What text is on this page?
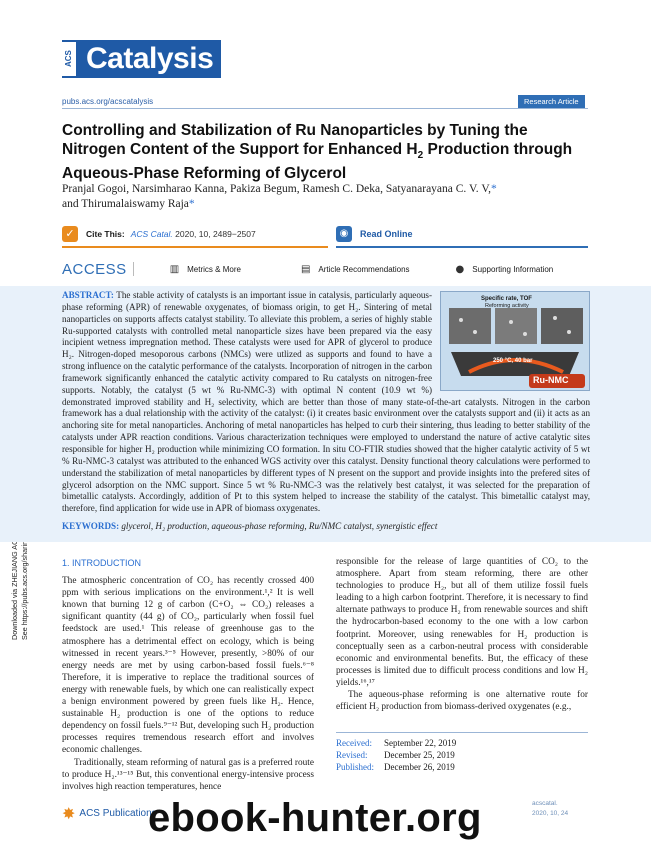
ACS Catalysis
pubs.acs.org/acscatalysis	Research Article
Controlling and Stabilization of Ru Nanoparticles by Tuning the Nitrogen Content of the Support for Enhanced $H_2$ Production through Aqueous-Phase Reforming of Glycerol
Pranjal Gogoi, Narsimharao Kanna, Pakiza Begum, Ramesh C. Deka, Satyanarayana C. V. V,*
and Thirumalaiswamy Raja*
✓	Cite This: ACS Catal. 2020, 10, 2489−2507	◉	Read Online
ACCESS	▥ Metrics & More	▤ Article Recommendations	● Supporting Information
Specific rate, TOF
Reforming activity
250 °C, 40 bar
Ru-NMC
ABSTRACT: The stable activity of catalysts is an important issue in catalysis, particularly aqueous-phase reforming (APR) of renewable oxygenates, of biomass origin, to get H₂. Sintering of metal nanoparticles on supports affects catalyst stability. To alleviate this problem, a series of highly stable Ru-supported catalysts with controlled metal nanoparticle sizes have been prepared via the easy incipient wetness impregnation method. These catalysts were used for APR of glycerol to produce H₂. Nitrogen-doped mesoporous carbons (NMCs) were utlized as supports and found to have a strong influence on the catalytic performance of the catalysts. Incorporation of nitrogen in the carbon framework significantly enhanced the catalytic activity compared to Ru catalysts on nitrogen-free supports. Notably, the catalyst (5 wt % Ru-NMC-3) with optimal N content (10.9 wt %) demonstrated improved stability and H₂ selectivity, which are better than those of many state-of-the-art catalysts. Nitrogen in the carbon framework has a dual relationship with the activity of the catalyst: (i) it creates basic environment over the catalysts support and (ii) it acts as an anchoring site for metal nanoparticles. Anchoring of metal nanoparticles has helped to curb their sintering, thus leading to better stability of the catalysts under APR reaction conditions. Various characterization techniques were employed to understand the nature of active catalytic sites responsible for higher H₂ production while minimizing CO formation. In situ CO-FTIR studies showed that the higher catalytic activity of 5 wt % Ru-NMC-3 catalyst was attributed to the enhanced WGS activity over this catalyst. Density functional theory calculations were performed to understand the stabilization of metal nanoparticles by different types of N present on the support and provide insights into the prefered sites of glycerol adsorption on the NMC support. Since 5 wt % Ru-NMC-3 was the relatively best catalyst, it was selected for the preparation of bimetallic catalysts. Accordingly, addition of Pt to this system helped to increase the stability of the catalyst. This bimetallic catalyst may, therefore, find application for wide use in APR of biomass oxygenates.
KEYWORDS: glycerol, H₂ production, aqueous-phase reforming, Ru/NMC catalyst, synergistic effect
1. INTRODUCTION

The atmospheric concentration of CO₂ has recently crossed 400 ppm with serious implications on the environment.¹,² It is well known that burning 12 g of carbon (C+O₂ ⇔ CO₂) releases a significant quantity (44 g) of CO₂, particularly when fossil fuel feedstock are used.¹ This release of greenhouse gas to the atmosphere has a detrimental effect on ecology, which is being witnessed in recent years.³⁻⁵ However, presently, >80% of our energy needs are met by using carbon-based fossil fuels.⁶⁻⁸ Therefore, it is imperative to replace the traditional sources of energy with renewable fuels, by which one can realistically expect a benign environment powered by green fuels like H₂. Hence, sustainable H₂ production is one of the options to reduce dependency on fossil fuels.⁹⁻¹² But, developing such H₂ production processes requires tremendous research effort and involves economic challenges.

Traditionally, steam reforming of natural gas is a preferred route to produce H₂.¹³⁻¹⁵ But, this conventional energy-intensive process involves high reaction temperatures, hence

responsible for the release of large quantities of CO₂ to the atmosphere. Apart from steam reforming, there are other technologies to produce H₂, but all of them utilize fossil fuels leading to a high carbon footprint. Therefore, it is necessary to find alternate pathways to produce H₂ from renewable sources and shift the hydrocarbon-based economy to the one with a low carbon footprint. Moreover, using renewables for H₂ production is conceptually seen as a carbon-neutral process with considerable economic and environmental benefits. But, the efficacy of these processes is limited due to difficult process conditions and low H₂ yields.¹⁶,¹⁷

The aqueous-phase reforming is one alternative route for efficient H₂ production from biomass-derived oxygenates (e.g.,

Received: September 22, 2019
Revised: December 25, 2019
Published: December 26, 2019
✸ ACS Publications
acscatal.
2020, 10, 24
ebook-hunter.org
